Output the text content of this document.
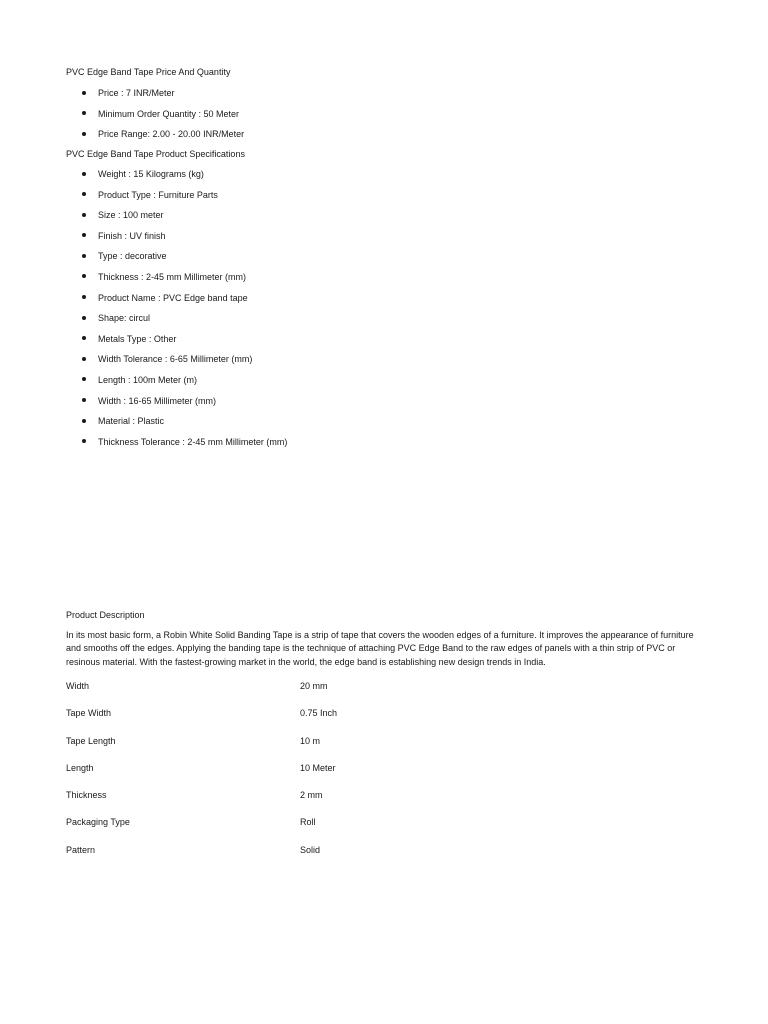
PVC Edge Band Tape Price And Quantity
Price : 7 INR/Meter
Minimum Order Quantity : 50 Meter
Price Range: 2.00 - 20.00 INR/Meter
PVC Edge Band Tape Product Specifications
Weight : 15 Kilograms (kg)
Product Type : Furniture Parts
Size : 100 meter
Finish : UV finish
Type : decorative
Thickness : 2-45 mm Millimeter (mm)
Product Name : PVC Edge band tape
Shape: circul
Metals Type : Other
Width Tolerance : 6-65 Millimeter (mm)
Length : 100m Meter (m)
Width : 16-65 Millimeter (mm)
Material : Plastic
Thickness Tolerance : 2-45 mm Millimeter (mm)
Product Description

In its most basic form, a Robin White Solid Banding Tape is a strip of tape that covers the wooden edges of a furniture. It improves the appearance of furniture and smooths off the edges. Applying the banding tape is the technique of attaching PVC Edge Band to the raw edges of panels with a thin strip of PVC or resinous material. With the fastest-growing market in the world, the edge band is establishing new design trends in India.

Width	20 mm
Tape Width	0.75 Inch
Tape Length	10 m
Length	10 Meter
Thickness	2 mm
Packaging Type	Roll
Pattern	Solid
